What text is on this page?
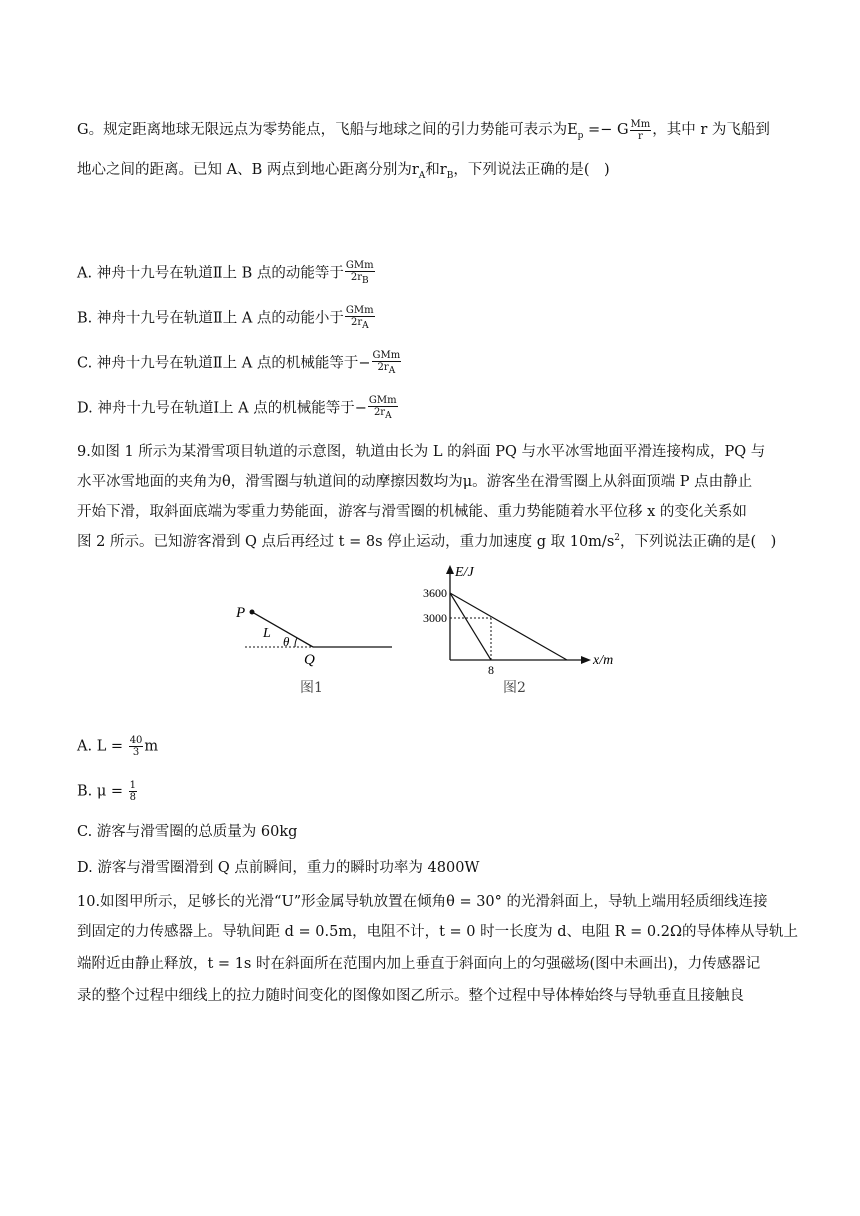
G。规定距离地球无限远点为零势能点，飞船与地球之间的引力势能可表示为$E_p =- G \frac{Mm}{r}$ ，其中 r 为飞船到
地心之间的距离。已知 A、B 两点到地心距离分别为$r_A$和$r_B$，下列说法正确的是(　)
A. 神舟十九号在轨道Ⅱ上 B 点的动能等于 $\frac{\text{GMm}}{2r_B}$
B. 神舟十九号在轨道Ⅱ上 A 点的动能小于 $\frac{\text{GMm}}{2r_A}$
C. 神舟十九号在轨道Ⅱ上 A 点的机械能等于− $\frac{\text{GMm}}{2r_A}$
D. 神舟十九号在轨道Ⅰ上 A 点的机械能等于− $\frac{\text{GMm}}{2r_A}$
9.如图 1 所示为某滑雪项目轨道的示意图，轨道由长为 L 的斜面 PQ 与水平冰雪地面平滑连接构成，PQ 与
水平冰雪地面的夹角为θ，滑雪圈与轨道间的动摩擦因数均为μ。游客坐在滑雪圈上从斜面顶端 P 点由静止
开始下滑，取斜面底端为零重力势能面，游客与滑雪圈的机械能、重力势能随着水平位移 x 的变化关系如
图 2 所示。已知游客滑到 Q 点后再经过 t = 8s 停止运动，重力加速度 g 取 $10m/s^2$，下列说法正确的是(　)
P
L
θ
Q
图1
E/J
x/m
3600
3000
8
图2
A. $L = \frac{40}{3}$ m
B. $\mu = \frac{1}{8}$
C. 游客与滑雪圈的总质量为 60kg
D. 游客与滑雪圈滑到 Q 点前瞬间，重力的瞬时功率为 4800W
10.如图甲所示，足够长的光滑“U”形金属导轨放置在倾角θ = 30° 的光滑斜面上，导轨上端用轻质细线连接
到固定的力传感器上。导轨间距 d = 0.5m，电阻不计，t = 0 时一长度为 d、电阻 R = 0.2Ω的导体棒从导轨上
端附近由静止释放，t = 1s 时在斜面所在范围内加上垂直于斜面向上的匀强磁场(图中未画出)，力传感器记
录的整个过程中细线上的拉力随时间变化的图像如图乙所示。整个过程中导体棒始终与导轨垂直且接触良
